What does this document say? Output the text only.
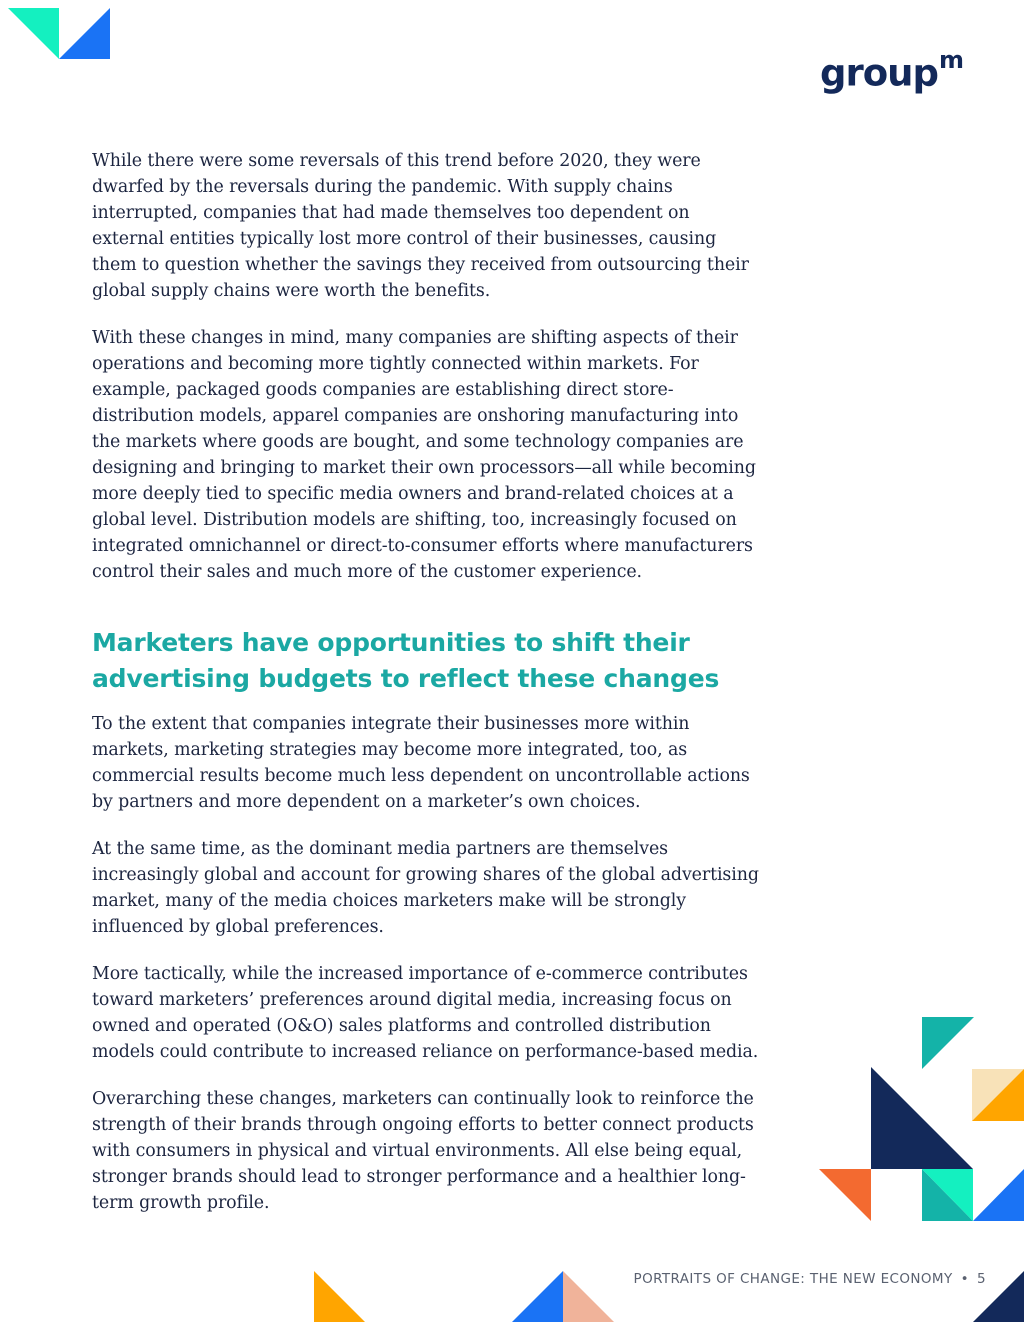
group$^m$

While there were some reversals of this trend before 2020, they were dwarfed by the reversals during the pandemic. With supply chains interrupted, companies that had made themselves too dependent on external entities typically lost more control of their businesses, causing them to question whether the savings they received from outsourcing their global supply chains were worth the benefits.

With these changes in mind, many companies are shifting aspects of their operations and becoming more tightly connected within markets. For example, packaged goods companies are establishing direct store-distribution models, apparel companies are onshoring manufacturing into the markets where goods are bought, and some technology companies are designing and bringing to market their own processors—all while becoming more deeply tied to specific media owners and brand-related choices at a global level. Distribution models are shifting, too, increasingly focused on integrated omnichannel or direct-to-consumer efforts where manufacturers control their sales and much more of the customer experience.

Marketers have opportunities to shift their advertising budgets to reflect these changes

To the extent that companies integrate their businesses more within markets, marketing strategies may become more integrated, too, as commercial results become much less dependent on uncontrollable actions by partners and more dependent on a marketer’s own choices.

At the same time, as the dominant media partners are themselves increasingly global and account for growing shares of the global advertising market, many of the media choices marketers make will be strongly influenced by global preferences.

More tactically, while the increased importance of e-commerce contributes toward marketers’ preferences around digital media, increasing focus on owned and operated (O&O) sales platforms and controlled distribution models could contribute to increased reliance on performance-based media.

Overarching these changes, marketers can continually look to reinforce the strength of their brands through ongoing efforts to better connect products with consumers in physical and virtual environments. All else being equal, stronger brands should lead to stronger performance and a healthier long-term growth profile.

PORTRAITS OF CHANGE: THE NEW ECONOMY • 5
